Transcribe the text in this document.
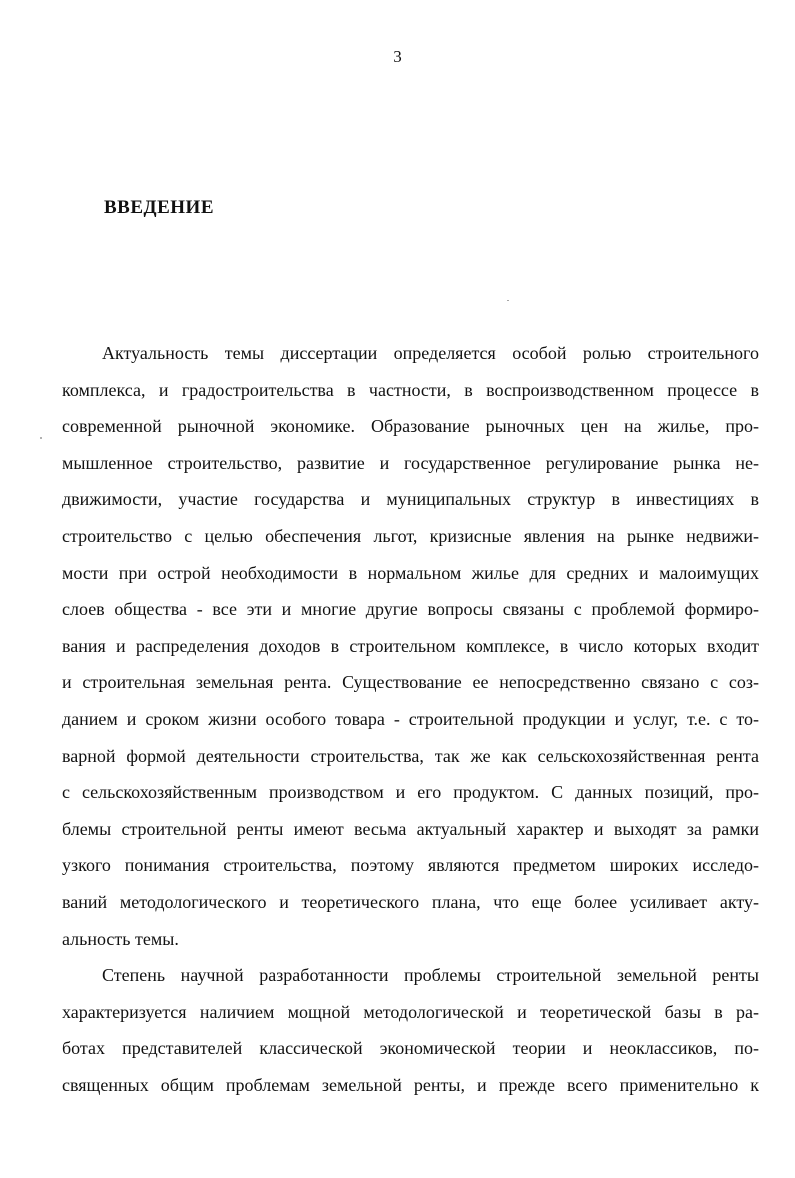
3
ВВЕДЕНИЕ
Актуальность темы диссертации определяется особой ролью строительного
комплекса, и градостроительства в частности, в воспроизводственном процессе в
современной рыночной экономике. Образование рыночных цен на жилье, про-
мышленное строительство, развитие и государственное регулирование рынка не-
движимости, участие государства и муниципальных структур в инвестициях в
строительство с целью обеспечения льгот, кризисные явления на рынке недвижи-
мости при острой необходимости в нормальном жилье для средних и малоимущих
слоев общества - все эти и многие другие вопросы связаны с проблемой формиро-
вания и распределения доходов в строительном комплексе, в число которых входит
и строительная земельная рента. Существование ее непосредственно связано с соз-
данием и сроком жизни особого товара - строительной продукции и услуг, т.е. с то-
варной формой деятельности строительства, так же как сельскохозяйственная рента
с сельскохозяйственным производством и его продуктом. С данных позиций, про-
блемы строительной ренты имеют весьма актуальный характер и выходят за рамки
узкого понимания строительства, поэтому являются предметом широких исследо-
ваний методологического и теоретического плана, что еще более усиливает акту-
альность темы.
Степень научной разработанности проблемы строительной земельной ренты
характеризуется наличием мощной методологической и теоретической базы в ра-
ботах представителей классической экономической теории и неоклассиков, по-
священных общим проблемам земельной ренты, и прежде всего применительно к
